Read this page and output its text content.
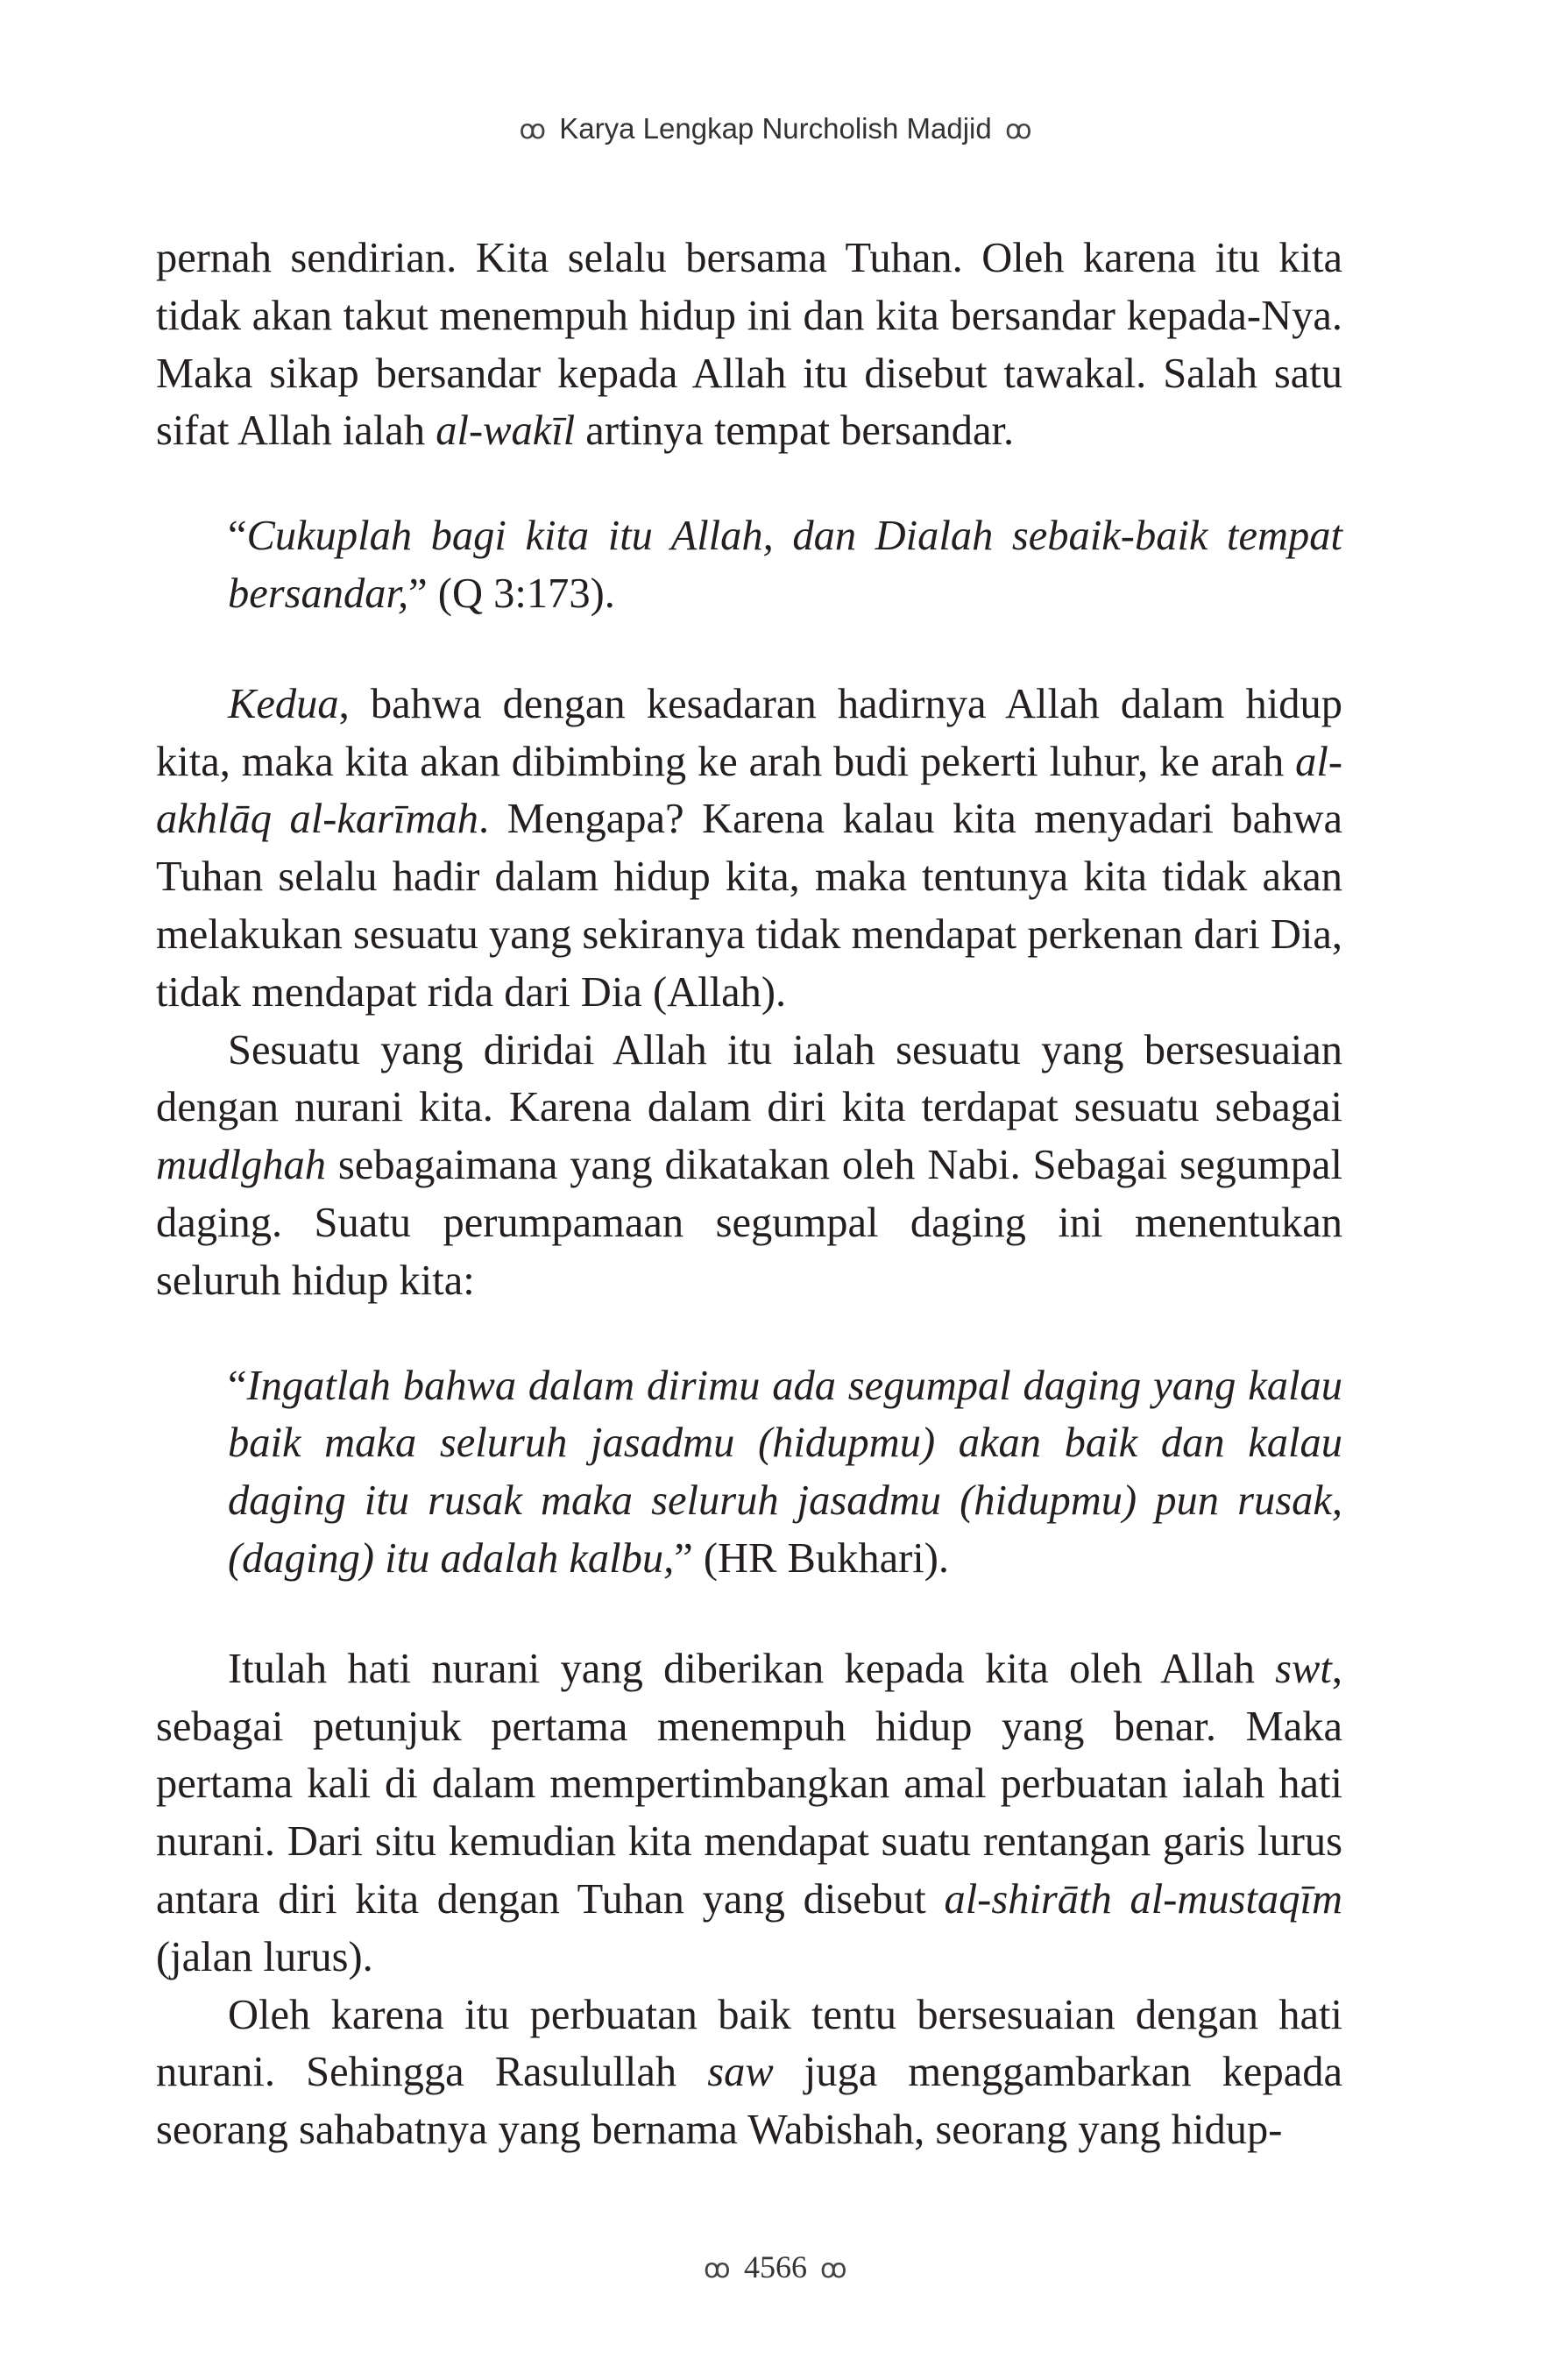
ꝏ Karya Lengkap Nurcholish Madjid ꝏ

pernah sendirian. Kita selalu bersama Tuhan. Oleh karena itu kita tidak akan takut menempuh hidup ini dan kita bersandar kepada-Nya. Maka sikap bersandar kepada Allah itu disebut tawakal. Salah satu sifat Allah ialah al-wakīl artinya tempat bersandar.

“Cukuplah bagi kita itu Allah, dan Dialah sebaik-baik tempat bersandar,” (Q 3:173).

Kedua, bahwa dengan kesadaran hadirnya Allah dalam hidup kita, maka kita akan dibimbing ke arah budi pekerti luhur, ke arah al-akhlāq al-karīmah. Mengapa? Karena kalau kita menyadari bahwa Tuhan selalu hadir dalam hidup kita, maka tentunya kita tidak akan melakukan sesuatu yang sekiranya tidak mendapat perkenan dari Dia, tidak mendapat rida dari Dia (Allah).

Sesuatu yang diridai Allah itu ialah sesuatu yang bersesuaian dengan nurani kita. Karena dalam diri kita terdapat sesuatu sebagai mudlghah sebagaimana yang dikatakan oleh Nabi. Sebagai segumpal daging. Suatu perumpamaan segumpal daging ini menentukan seluruh hidup kita:

“Ingatlah bahwa dalam dirimu ada segumpal daging yang kalau baik maka seluruh jasadmu (hidupmu) akan baik dan kalau daging itu rusak maka seluruh jasadmu (hidupmu) pun rusak, (daging) itu adalah kalbu,” (HR Bukhari).

Itulah hati nurani yang diberikan kepada kita oleh Allah swt, sebagai petunjuk pertama menempuh hidup yang benar. Maka pertama kali di dalam mempertimbangkan amal perbuatan ialah hati nurani. Dari situ kemudian kita mendapat suatu rentangan garis lurus antara diri kita dengan Tuhan yang disebut al-shirāth al-mustaqīm (jalan lurus).

Oleh karena itu perbuatan baik tentu bersesuaian dengan hati nurani. Sehingga Rasulullah saw juga menggambarkan kepada seorang sahabatnya yang bernama Wabishah, seorang yang hidup-

ꝏ 4566 ꝏ
